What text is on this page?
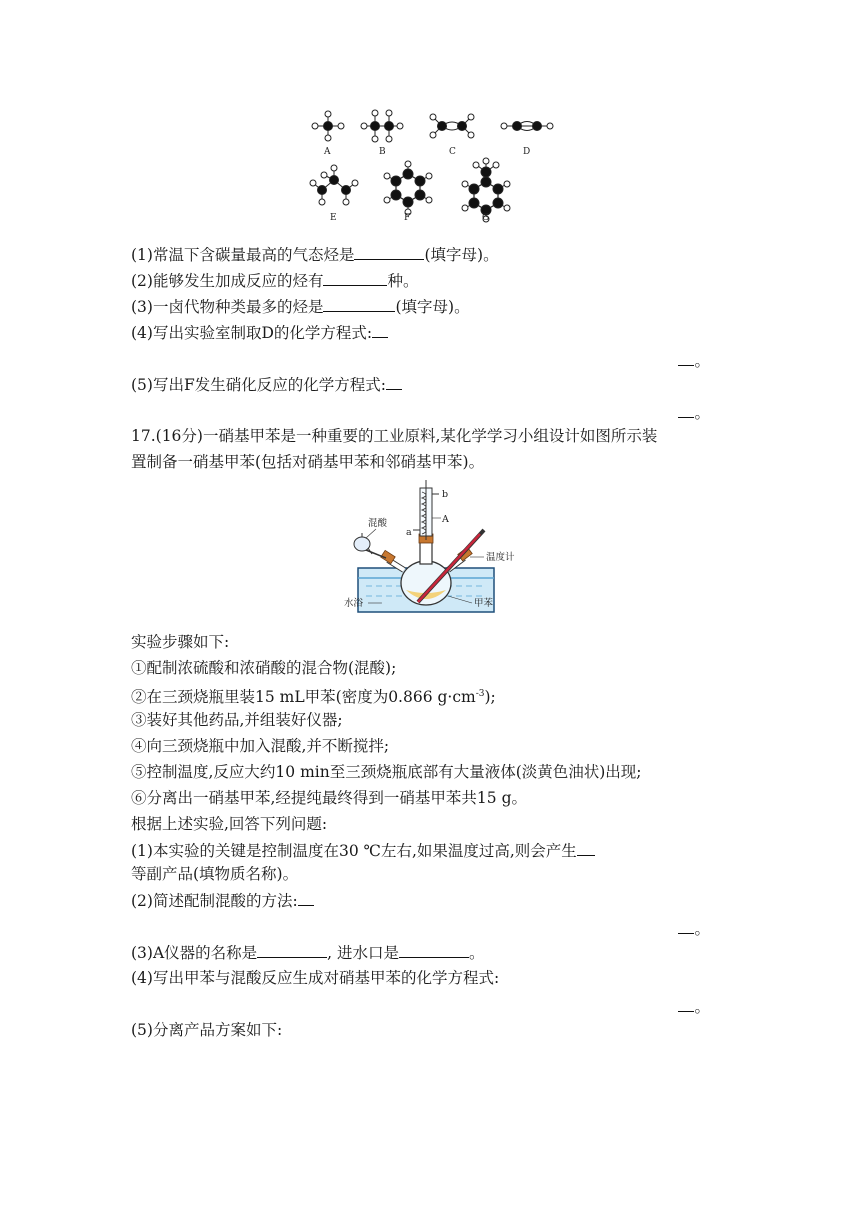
A	B	C	D
E	F	G
(1)常温下含碳量最高的气态烃是	(填字母)。
(2)能够发生加成反应的烃有	种。
(3)一卤代物种类最多的烃是	(填字母)。
(4)写出实验室制取D的化学方程式:
。
(5)写出F发生硝化反应的化学方程式:
。
17.(16分)一硝基甲苯是一种重要的工业原料,某化学学习小组设计如图所示装
置制备一硝基甲苯(包括对硝基甲苯和邻硝基甲苯)。
混酸
b
A
a
温度计
水浴	甲苯
实验步骤如下:
①配制浓硫酸和浓硝酸的混合物(混酸);
②在三颈烧瓶里装15 mL甲苯(密度为0.866 $g\cdot cm^{-3}$);
③装好其他药品,并组装好仪器;
④向三颈烧瓶中加入混酸,并不断搅拌;
⑤控制温度,反应大约10 min至三颈烧瓶底部有大量液体(淡黄色油状)出现;
⑥分离出一硝基甲苯,经提纯最终得到一硝基甲苯共15 g。
根据上述实验,回答下列问题:
(1)本实验的关键是控制温度在30 ℃左右,如果温度过高,则会产生
等副产品(填物质名称)。
(2)简述配制混酸的方法:
。
(3)A仪器的名称是	, 进水口是	。
(4)写出甲苯与混酸反应生成对硝基甲苯的化学方程式:
。
(5)分离产品方案如下:
